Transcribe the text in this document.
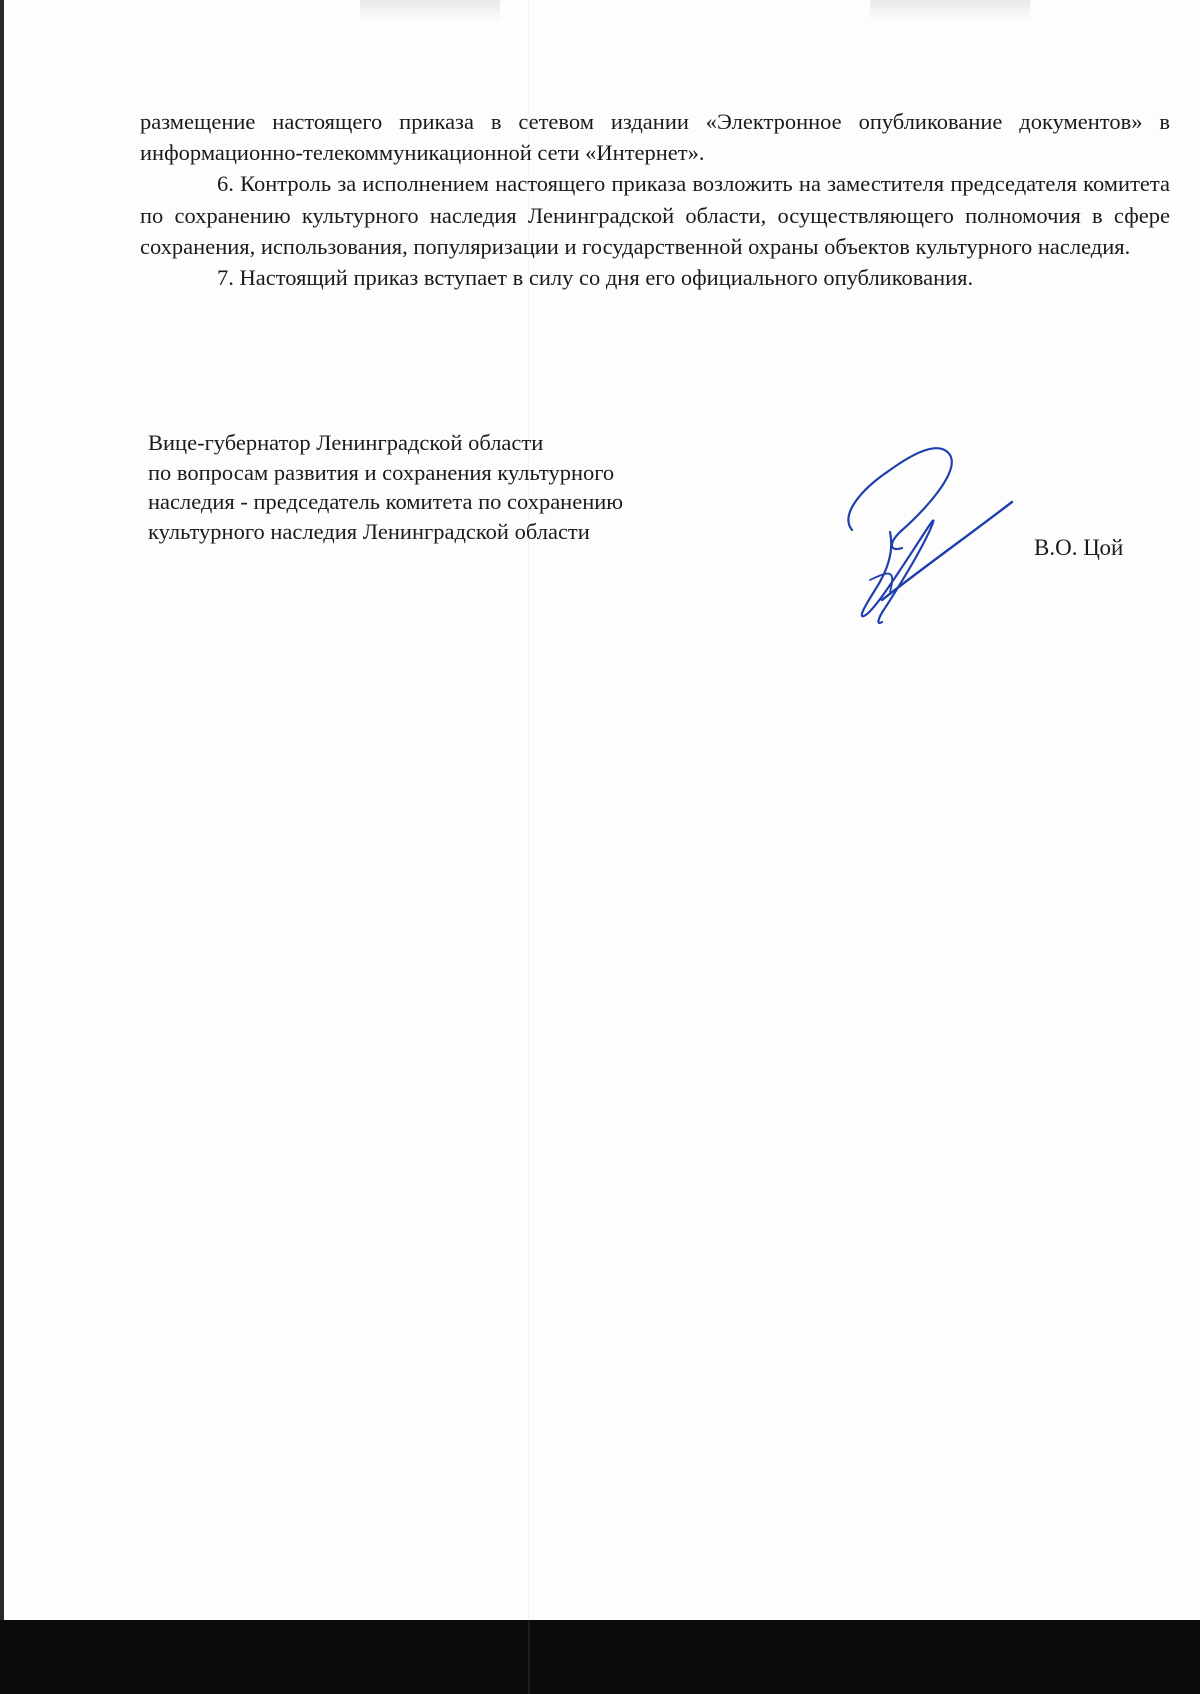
размещение настоящего приказа в сетевом издании «Электронное опубликование документов» в информационно-телекоммуникационной сети «Интернет».

6. Контроль за исполнением настоящего приказа возложить на заместителя председателя комитета по сохранению культурного наследия Ленинградской области, осуществляющего полномочия в сфере сохранения, использования, популяризации и государственной охраны объектов культурного наследия.

7. Настоящий приказ вступает в силу со дня его официального опубликования.

Вице-губернатор Ленинградской области
по вопросам развития и сохранения культурного
наследия - председатель комитета по сохранению
культурного наследия Ленинградской области
В.О. Цой
